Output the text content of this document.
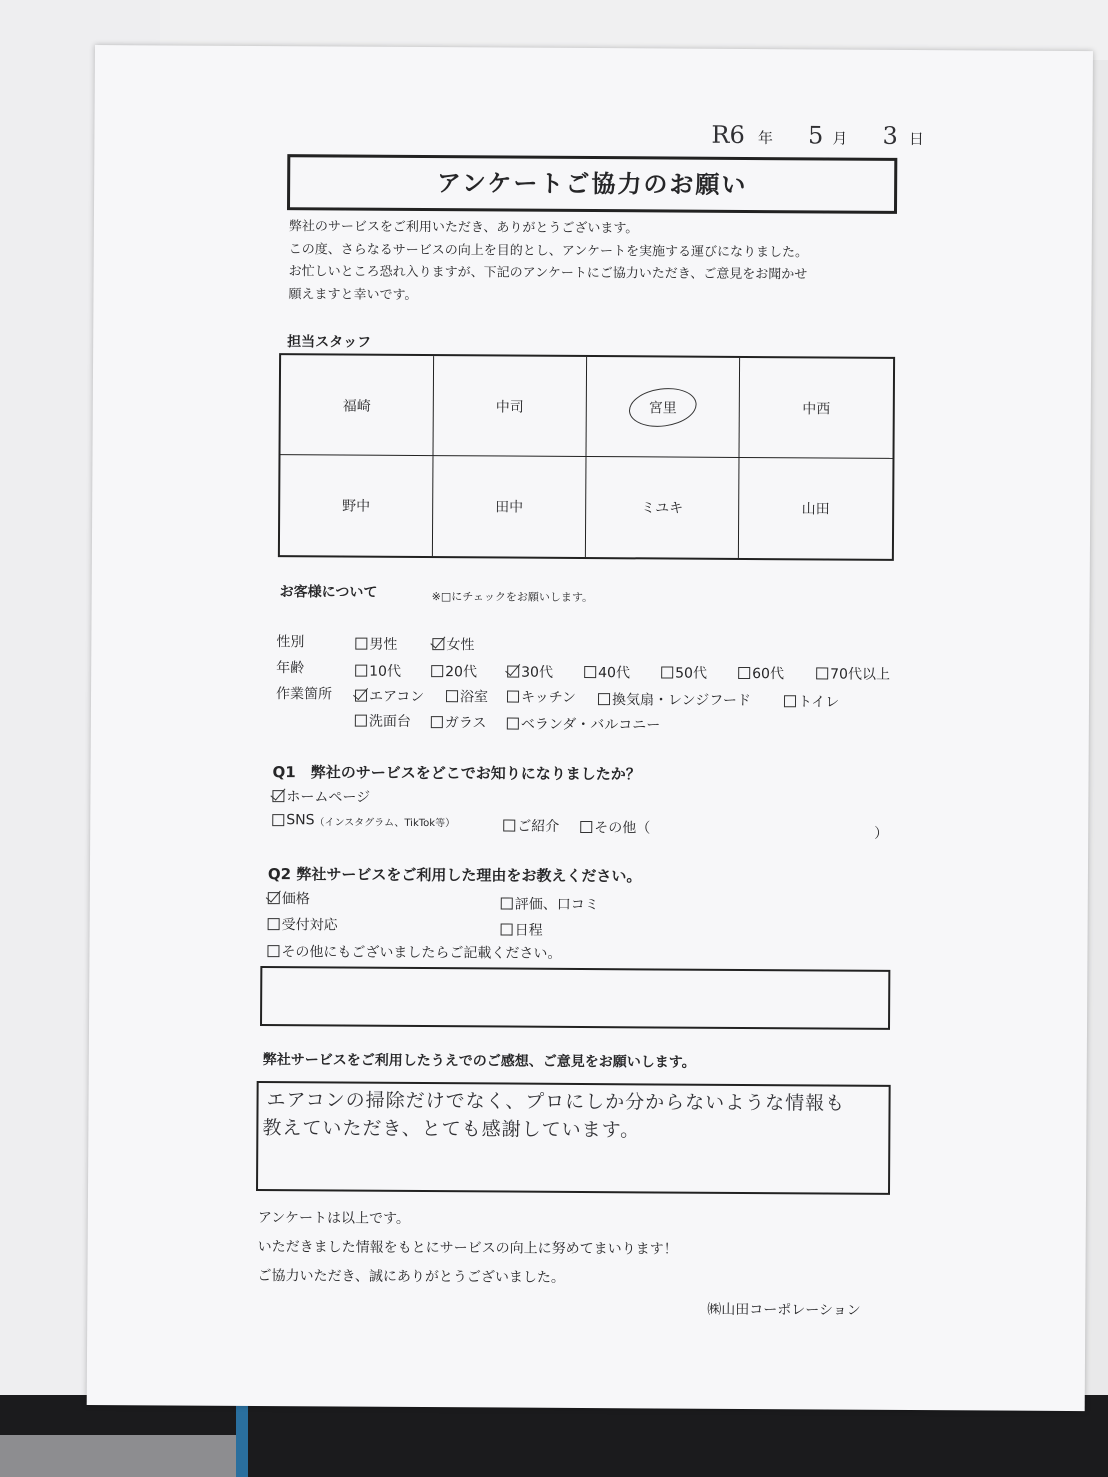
R6 年 5 月 3 日
アンケートご協力のお願い
弊社のサービスをご利用いただき、ありがとうございます。
この度、さらなるサービスの向上を目的とし、アンケートを実施する運びになりました。
お忙しいところ恐れ入りますが、下記のアンケートにご協力いただき、ご意見をお聞かせ
願えますと幸いです。
担当スタッフ
福崎	中司	宮里	中西
野中	田中	ミユキ	山田
お客様について	※□にチェックをお願いします。
性別	男性	女性
年齢	10代	20代	30代	40代	50代	60代	70代以上
作業箇所	エアコン	浴室 キッチン	換気扇・レンジフード	トイレ
洗面台 ガラス ベランダ・バルコニー
Q1　弊社のサービスをどこでお知りになりましたか？
ホームページ
SNS （インスタグラム、TikTok等）	ご紹介 その他（	）
Q2 弊社サービスをご利用した理由をお教えください。
価格	評価、口コミ
受付対応	日程
その他にもございましたらご記載ください。
弊社サービスをご利用したうえでのご感想、ご意見をお願いします。
エアコンの掃除だけでなく、プロにしか分からないような情報も
教えていただき、とても感謝しています。
アンケートは以上です。
いただきました情報をもとにサービスの向上に努めてまいります！
ご協力いただき、誠にありがとうございました。
㈱山田コーポレーション
